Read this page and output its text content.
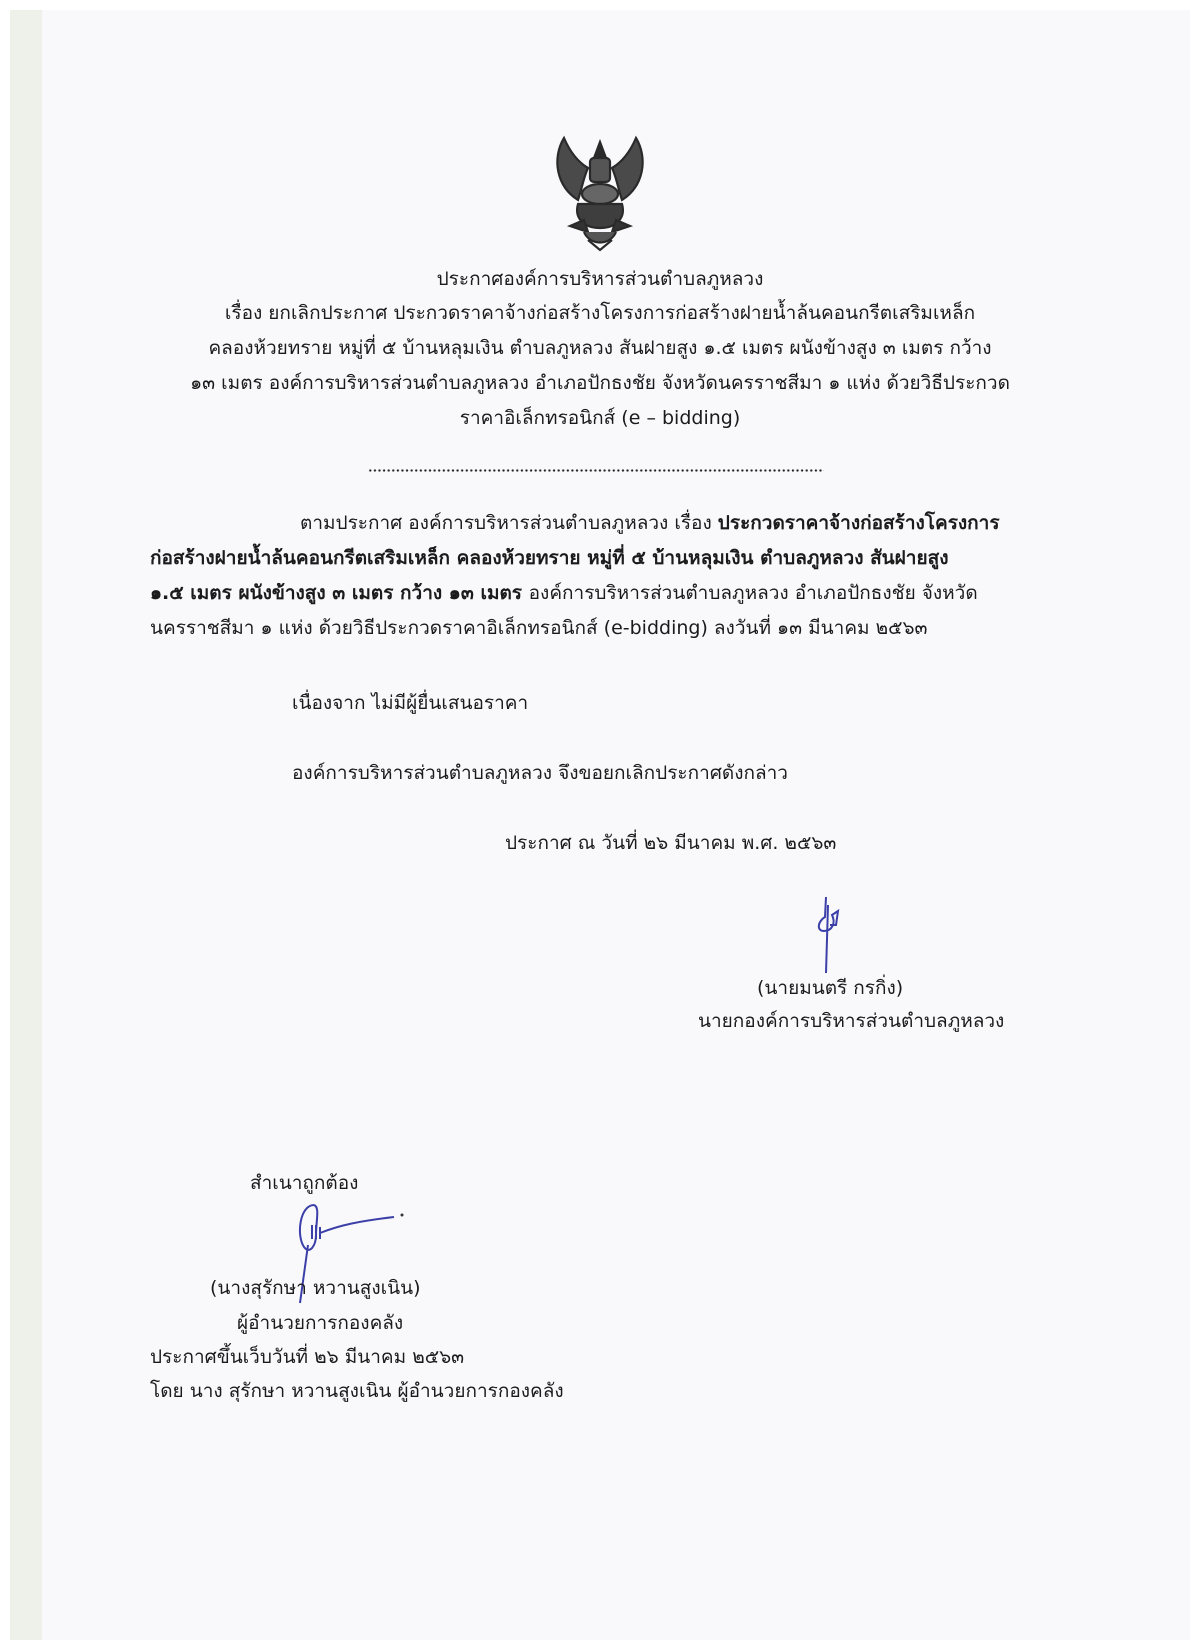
ประกาศองค์การบริหารส่วนตำบลภูหลวง
เรื่อง ยกเลิกประกาศ ประกวดราคาจ้างก่อสร้างโครงการก่อสร้างฝายน้ำล้นคอนกรีตเสริมเหล็ก
คลองห้วยทราย หมู่ที่ ๕ บ้านหลุมเงิน ตำบลภูหลวง สันฝายสูง ๑.๕ เมตร ผนังข้างสูง ๓ เมตร กว้าง
๑๓ เมตร องค์การบริหารส่วนตำบลภูหลวง อำเภอปักธงชัย จังหวัดนครราชสีมา ๑ แห่ง ด้วยวิธีประกวด
ราคาอิเล็กทรอนิกส์ (e – bidding)
ตามประกาศ องค์การบริหารส่วนตำบลภูหลวง เรื่อง ประกวดราคาจ้างก่อสร้างโครงการ
ก่อสร้างฝายน้ำล้นคอนกรีตเสริมเหล็ก คลองห้วยทราย หมู่ที่ ๕ บ้านหลุมเงิน ตำบลภูหลวง สันฝายสูง
๑.๕ เมตร ผนังข้างสูง ๓ เมตร กว้าง ๑๓ เมตร องค์การบริหารส่วนตำบลภูหลวง อำเภอปักธงชัย จังหวัด
นครราชสีมา ๑ แห่ง ด้วยวิธีประกวดราคาอิเล็กทรอนิกส์ (e-bidding) ลงวันที่ ๑๓ มีนาคม ๒๕๖๓
เนื่องจาก ไม่มีผู้ยื่นเสนอราคา
องค์การบริหารส่วนตำบลภูหลวง จึงขอยกเลิกประกาศดังกล่าว
ประกาศ ณ วันที่ ๒๖ มีนาคม พ.ศ. ๒๕๖๓
(นายมนตรี กรกิ่ง)
นายกองค์การบริหารส่วนตำบลภูหลวง
สำเนาถูกต้อง
(นางสุรักษา หวานสูงเนิน)
ผู้อำนวยการกองคลัง
ประกาศขึ้นเว็บวันที่ ๒๖ มีนาคม ๒๕๖๓
โดย นาง สุรักษา หวานสูงเนิน ผู้อำนวยการกองคลัง
